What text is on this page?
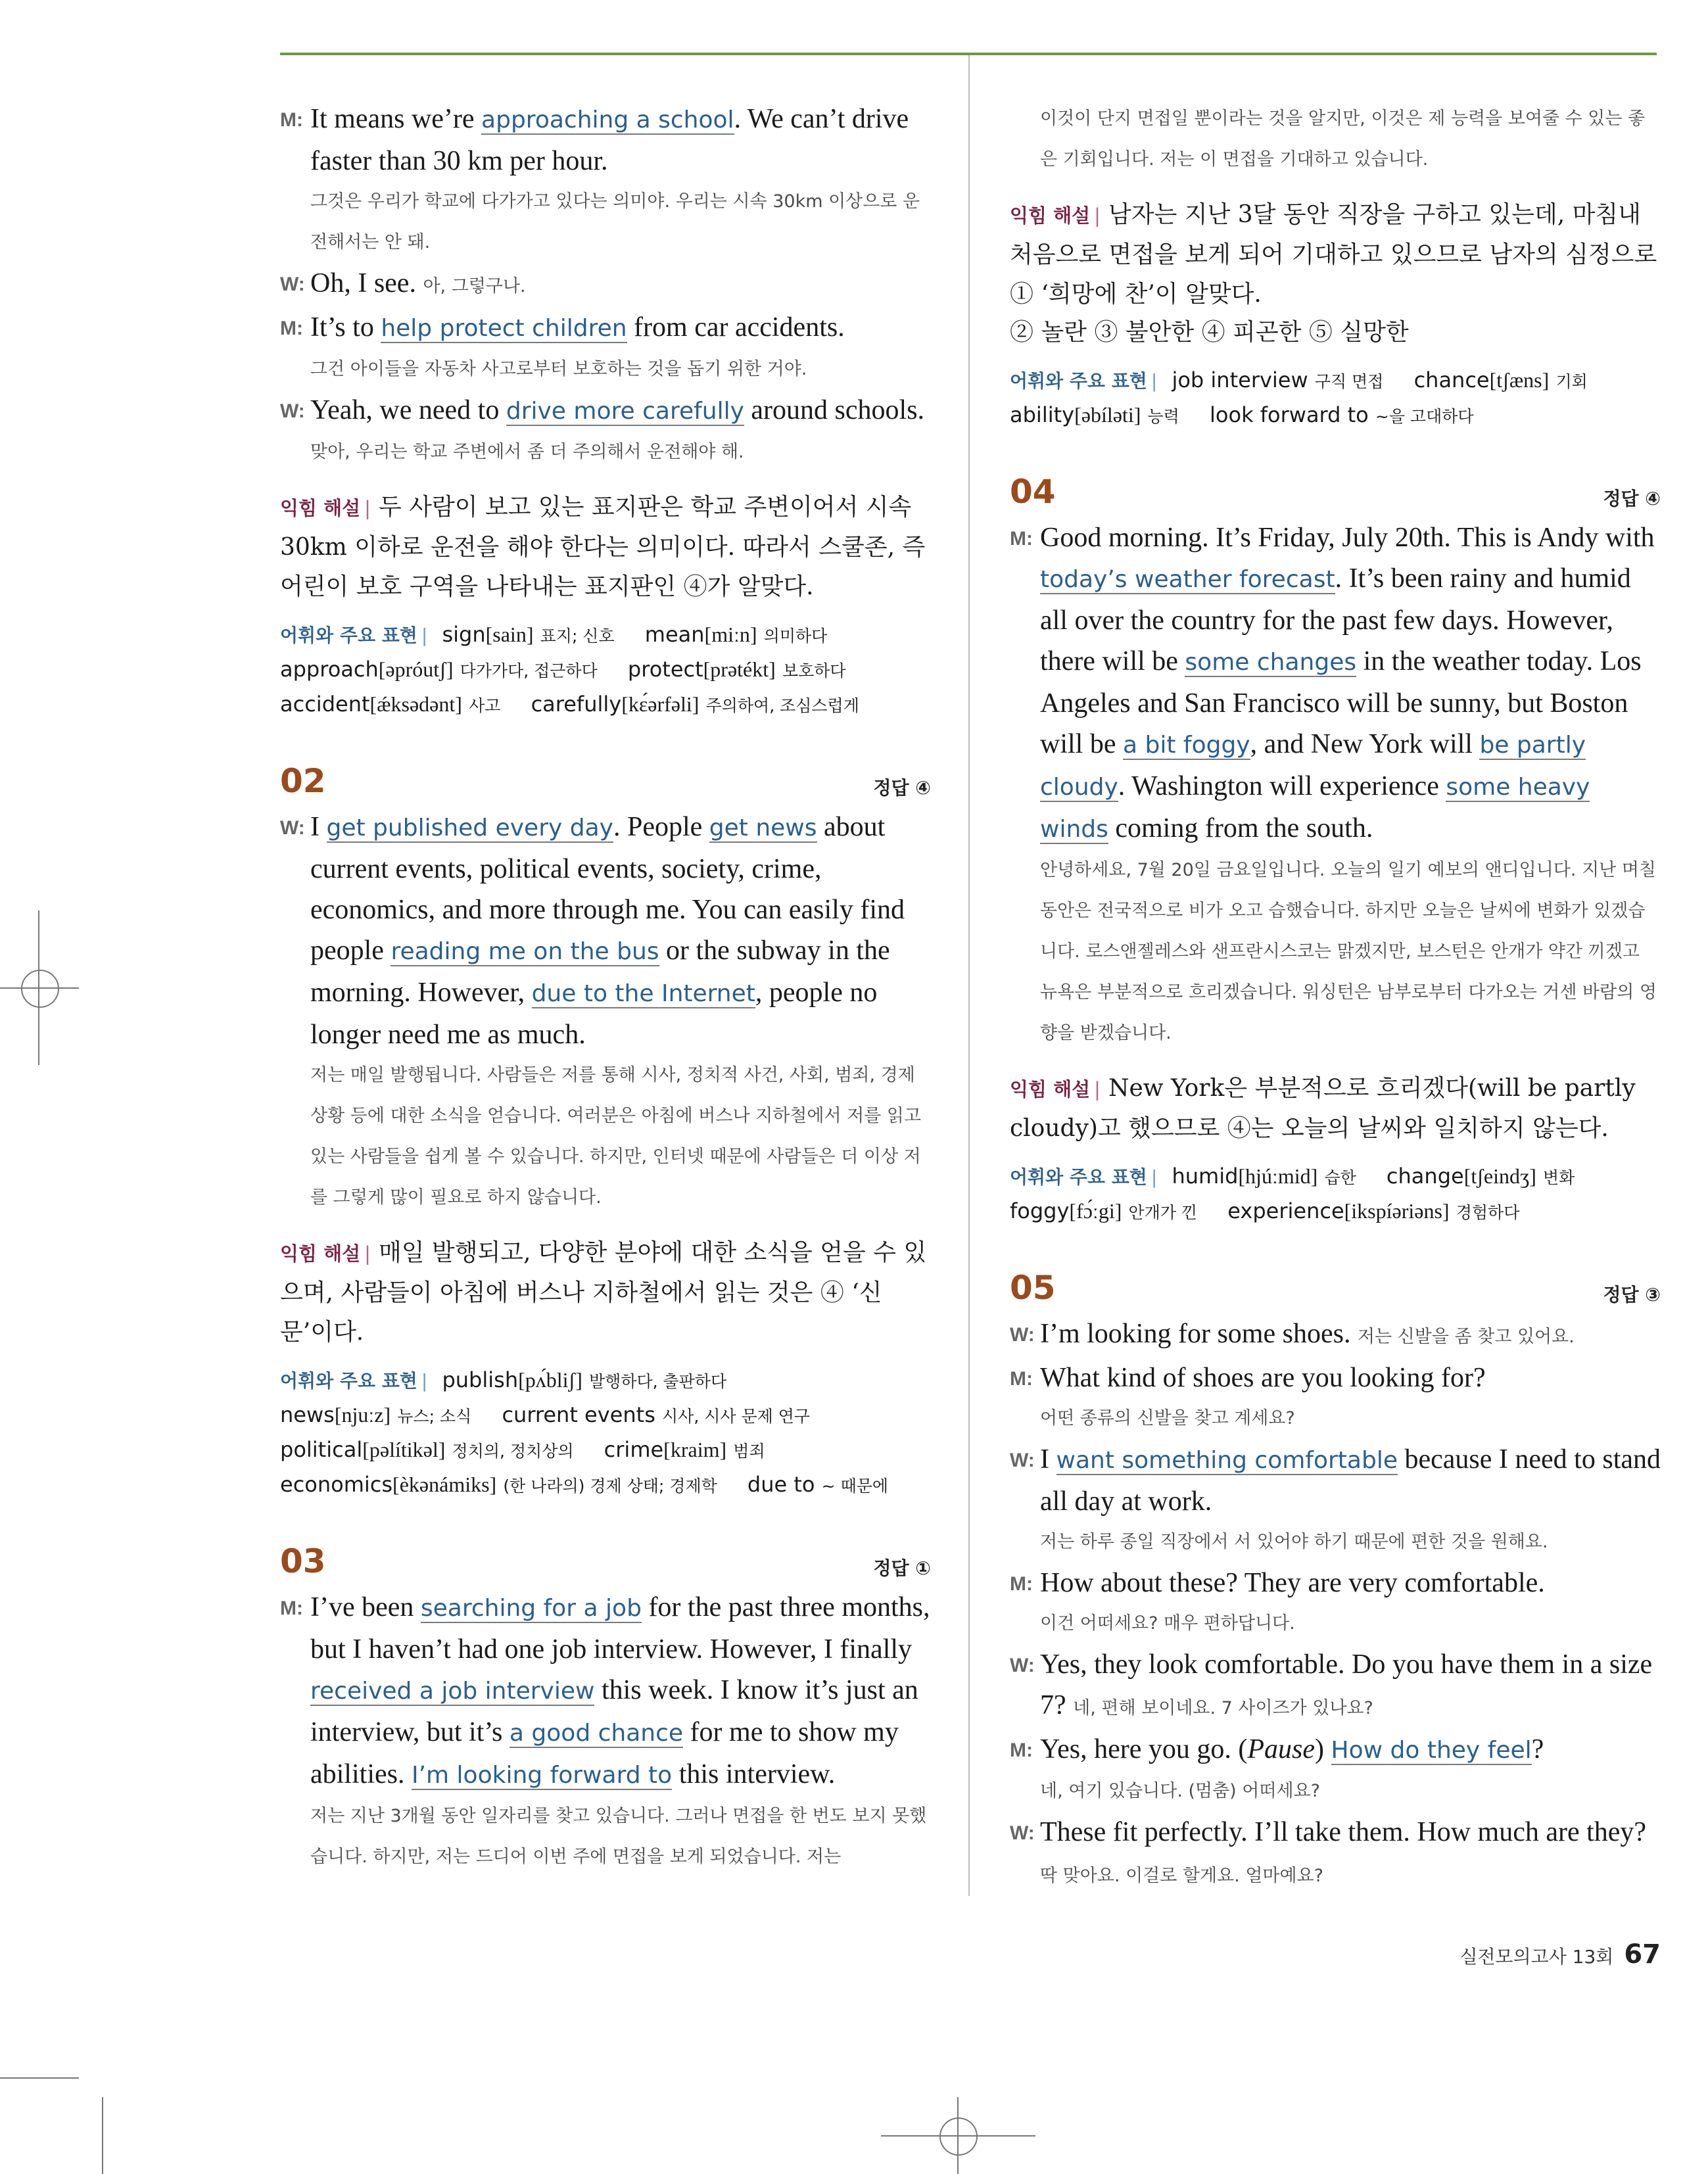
M: It means we’re approaching a school. We can’t drive faster than 30 km per hour.

그것은 우리가 학교에 다가가고 있다는 의미야. 우리는 시속 30km 이상으로 운전해서는 안 돼.

W: Oh, I see. 아, 그렇구나.

M: It’s to help protect children from car accidents.

그건 아이들을 자동차 사고로부터 보호하는 것을 돕기 위한 거야.

W: Yeah, we need to drive more carefully around schools.

맞아, 우리는 학교 주변에서 좀 더 주의해서 운전해야 해.

익힘 해설 | 두 사람이 보고 있는 표지판은 학교 주변이어서 시속 30km 이하로 운전을 해야 한다는 의미이다. 따라서 스쿨존, 즉 어린이 보호 구역을 나타내는 표지판인 ④가 알맞다.

어휘와 주요 표현 | sign[sain] 표지; 신호 mean[miːn] 의미하다
approach[əpróutʃ] 다가가다, 접근하다 protect[prətékt] 보호하다
accident[ǽksədənt] 사고 carefully[kɛ́ərfəli] 주의하여, 조심스럽게

02	정답 ④
W: I get published every day. People get news about current events, political events, society, crime, economics, and more through me. You can easily find people reading me on the bus or the subway in the morning. However, due to the Internet, people no longer need me as much.

저는 매일 발행됩니다. 사람들은 저를 통해 시사, 정치적 사건, 사회, 범죄, 경제 상황 등에 대한 소식을 얻습니다. 여러분은 아침에 버스나 지하철에서 저를 읽고 있는 사람들을 쉽게 볼 수 있습니다. 하지만, 인터넷 때문에 사람들은 더 이상 저를 그렇게 많이 필요로 하지 않습니다.

익힘 해설 | 매일 발행되고, 다양한 분야에 대한 소식을 얻을 수 있으며, 사람들이 아침에 버스나 지하철에서 읽는 것은 ④ ‘신문’이다.

어휘와 주요 표현 | publish[pʌ́bliʃ] 발행하다, 출판하다
news[njuːz] 뉴스; 소식 current events 시사, 시사 문제 연구
political[pəlítikəl] 정치의, 정치상의 crime[kraim] 범죄
economics[èkənámiks] (한 나라의) 경제 상태; 경제학 due to ~ 때문에

03	정답 ①
M: I’ve been searching for a job for the past three months, but I haven’t had one job interview. However, I finally received a job interview this week. I know it’s just an interview, but it’s a good chance for me to show my abilities. I’m looking forward to this interview.

저는 지난 3개월 동안 일자리를 찾고 있습니다. 그러나 면접을 한 번도 보지 못했습니다. 하지만, 저는 드디어 이번 주에 면접을 보게 되었습니다. 저는

이것이 단지 면접일 뿐이라는 것을 알지만, 이것은 제 능력을 보여줄 수 있는 좋은 기회입니다. 저는 이 면접을 기대하고 있습니다.

익힘 해설 | 남자는 지난 3달 동안 직장을 구하고 있는데, 마침내 처음으로 면접을 보게 되어 기대하고 있으므로 남자의 심정으로 ① ‘희망에 찬’이 알맞다.

② 놀란 ③ 불안한 ④ 피곤한 ⑤ 실망한

어휘와 주요 표현 | job interview 구직 면접 chance[tʃæns] 기회
ability[əbíləti] 능력 look forward to ~을 고대하다

04	정답 ④
M: Good morning. It’s Friday, July 20th. This is Andy with today’s weather forecast. It’s been rainy and humid all over the country for the past few days. However, there will be some changes in the weather today. Los Angeles and San Francisco will be sunny, but Boston will be a bit foggy, and New York will be partly cloudy. Washington will experience some heavy winds coming from the south.

안녕하세요, 7월 20일 금요일입니다. 오늘의 일기 예보의 앤디입니다. 지난 며칠 동안은 전국적으로 비가 오고 습했습니다. 하지만 오늘은 날씨에 변화가 있겠습니다. 로스앤젤레스와 샌프란시스코는 맑겠지만, 보스턴은 안개가 약간 끼겠고 뉴욕은 부분적으로 흐리겠습니다. 워싱턴은 남부로부터 다가오는 거센 바람의 영향을 받겠습니다.

익힘 해설 | New York은 부분적으로 흐리겠다(will be partly cloudy)고 했으므로 ④는 오늘의 날씨와 일치하지 않는다.

어휘와 주요 표현 | humid[hjúːmid] 습한 change[tʃeindʒ] 변화
foggy[fɔ́ːgi] 안개가 낀 experience[ikspíəriəns] 경험하다

05	정답 ③
W: I’m looking for some shoes. 저는 신발을 좀 찾고 있어요.

M: What kind of shoes are you looking for?

어떤 종류의 신발을 찾고 계세요?

W: I want something comfortable because I need to stand all day at work.

저는 하루 종일 직장에서 서 있어야 하기 때문에 편한 것을 원해요.

M: How about these? They are very comfortable.

이건 어떠세요? 매우 편하답니다.

W: Yes, they look comfortable. Do you have them in a size 7? 네, 편해 보이네요. 7 사이즈가 있나요?

M: Yes, here you go. (Pause) How do they feel?

네, 여기 있습니다. (멈춤) 어떠세요?

W: These fit perfectly. I’ll take them. How much are they? 딱 맞아요. 이걸로 할게요. 얼마예요?

실전모의고사 13회 67
